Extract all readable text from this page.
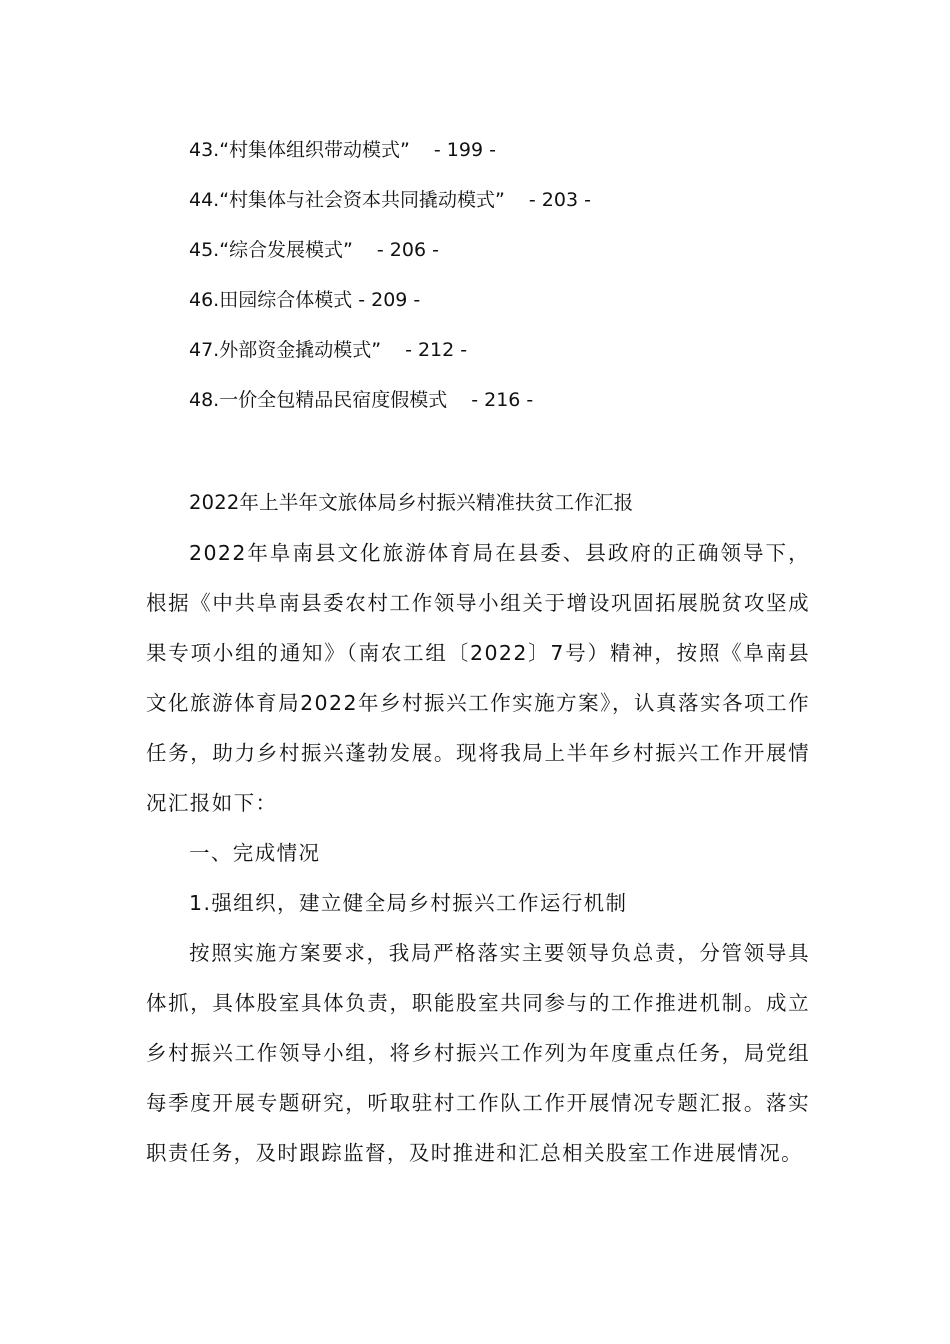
43.“村集体组织带动模式” - 199 -
44.“村集体与社会资本共同撬动模式” - 203 -
45.“综合发展模式” - 206 -
46.田园综合体模式 - 209 -
47.外部资金撬动模式” - 212 -
48.一价全包精品民宿度假模式 - 216 -

2022年上半年文旅体局乡村振兴精准扶贫工作汇报

2022年阜南县文化旅游体育局在县委、县政府的正确领导下，根据《中共阜南县委农村工作领导小组关于增设巩固拓展脱贫攻坚成果专项小组的通知》（南农工组〔2022〕7号）精神，按照《阜南县文化旅游体育局2022年乡村振兴工作实施方案》，认真落实各项工作任务，助力乡村振兴蓬勃发展。现将我局上半年乡村振兴工作开展情况汇报如下：

一、完成情况

1.强组织，建立健全局乡村振兴工作运行机制

按照实施方案要求，我局严格落实主要领导负总责，分管领导具体抓，具体股室具体负责，职能股室共同参与的工作推进机制。成立乡村振兴工作领导小组，将乡村振兴工作列为年度重点任务，局党组每季度开展专题研究，听取驻村工作队工作开展情况专题汇报。落实职责任务，及时跟踪监督，及时推进和汇总相关股室工作进展情况。
